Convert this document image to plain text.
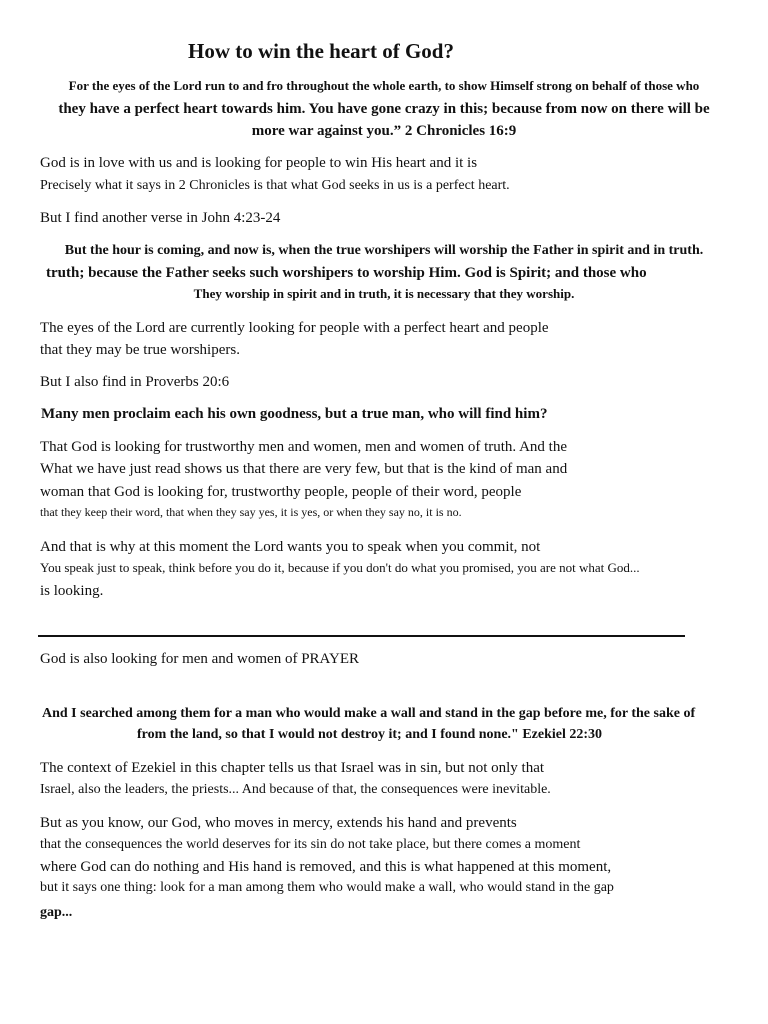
How to win the heart of God?
For the eyes of the Lord run to and fro throughout the whole earth, to show Himself strong on behalf of those who
they have a perfect heart towards him. You have gone crazy in this; because from now on there will be
more war against you.” 2 Chronicles 16:9
God is in love with us and is looking for people to win His heart and it is
Precisely what it says in 2 Chronicles is that what God seeks in us is a perfect heart.
But I find another verse in John 4:23-24
But the hour is coming, and now is, when the true worshipers will worship the Father in spirit and in truth.
truth; because the Father seeks such worshipers to worship Him. God is Spirit; and those who
They worship in spirit and in truth, it is necessary that they worship.
The eyes of the Lord are currently looking for people with a perfect heart and people
that they may be true worshipers.
But I also find in Proverbs 20:6
Many men proclaim each his own goodness, but a true man, who will find him?
That God is looking for trustworthy men and women, men and women of truth. And the
What we have just read shows us that there are very few, but that is the kind of man and
woman that God is looking for, trustworthy people, people of their word, people
that they keep their word, that when they say yes, it is yes, or when they say no, it is no.
And that is why at this moment the Lord wants you to speak when you commit, not
You speak just to speak, think before you do it, because if you don't do what you promised, you are not what God...
is looking.
God is also looking for men and women of PRAYER
And I searched among them for a man who would make a wall and stand in the gap before me, for the sake of
from the land, so that I would not destroy it; and I found none." Ezekiel 22:30
The context of Ezekiel in this chapter tells us that Israel was in sin, but not only that
Israel, also the leaders, the priests... And because of that, the consequences were inevitable.
But as you know, our God, who moves in mercy, extends his hand and prevents
that the consequences the world deserves for its sin do not take place, but there comes a moment
where God can do nothing and His hand is removed, and this is what happened at this moment,
but it says one thing: look for a man among them who would make a wall, who would stand in the gap
gap...
